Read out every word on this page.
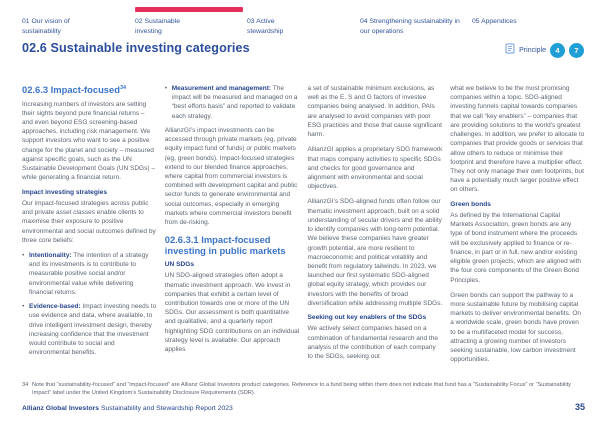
01 Our vision of sustainability
02 Sustainable investing
03 Active stewardship
04 Strengthening sustainability in our operations
05 Appendices
02.6 Sustainable investing categories	Principle	4	7
02.6.3 Impact-focused$^{34}$

Increasing numbers of investors are setting their sights beyond pure financial returns – and even beyond ESG screening-based approaches, including risk management. We support investors who want to see a positive change for the planet and society – measured against specific goals, such as the UN Sustainable Development Goals (UN SDGs) – while generating a financial return.

Impact investing strategies

Our impact-focused strategies across public and private asset classes enable clients to maximise their exposure to positive environmental and social outcomes defined by three core beliefs:

• Intentionality: The intention of a strategy and its investments is to contribute to measurable positive social and/or environmental value while delivering financial returns.
• Evidence-based: Impact investing needs to use evidence and data, where available, to drive intelligent investment design, thereby increasing confidence that the investment would contribute to social and environmental benefits.
• Measurement and management: The impact will be measured and managed on a “best efforts basis” and reported to validate each strategy.

AllianzGI’s impact investments can be accessed through private markets (eg, private equity impact fund of funds) or public markets (eg, green bonds). Impact-focused strategies extend to our blended finance approaches, where capital from commercial investors is combined with development capital and public sector funds to generate environmental and social outcomes, especially in emerging markets where commercial investors benefit from de-risking.

02.6.3.1 Impact-focused investing in public markets
UN SDGs

UN SDG-aligned strategies often adopt a thematic investment approach. We invest in companies that exhibit a certain level of contribution towards one or more of the UN SDGs. Our assessment is both quantitative and qualitative, and a quarterly report highlighting SDG contributions on an individual strategy level is available. Our approach applies

a set of sustainable minimum exclusions, as well as the E, S and G factors of investee companies being analysed. In addition, PAIs are analysed to avoid companies with poor ESG practices and those that cause significant harm.

AllianzGI applies a proprietary SDG framework that maps company activities to specific SDGs and checks for good governance and alignment with environmental and social objectives.

AllianzGI’s SDG-aligned funds often follow our thematic investment approach, built on a solid understanding of secular drivers and the ability to identify companies with long-term potential. We believe these companies have greater growth potential, are more resilient to macroeconomic and political volatility and benefit from regulatory tailwinds. In 2023, we launched our first systematic SDG-aligned global equity strategy, which provides our investors with the benefits of broad diversification while addressing multiple SDGs.

Seeking out key enablers of the SDGs

We actively select companies based on a combination of fundamental research and the analysis of the contribution of each company to the SDGs, seeking out

what we believe to be the most promising companies within a topic. SDG-aligned investing funnels capital towards companies that we call “key enablers” – companies that are providing solutions to the world’s greatest challenges. In addition, we prefer to allocate to companies that provide goods or services that allow others to reduce or minimise their footprint and therefore have a multiplier effect. They not only manage their own footprints, but have a potentially much larger positive effect on others.

Green bonds

As defined by the International Capital Markets Association, green bonds are any type of bond instrument where the proceeds will be exclusively applied to finance or re-finance, in part or in full, new and/or existing eligible green projects, which are aligned with the four core components of the Green Bond Principles.

Green bonds can support the pathway to a more sustainable future by mobilising capital markets to deliver environmental benefits. On a worldwide scale, green bonds have proven to be a multifaceted model for success, attracting a growing number of investors seeking sustainable, low carbon investment opportunities.

34 Note that “sustainability-focused” and “impact-focused” are Allianz Global Investors product categories. Reference to a fund being within them does not indicate that fund has a “Sustainability Focus” or “Sustainability Impact” label under the United Kingdom’s Sustainability Disclosure Requirements (SDR).
Allianz Global Investors Sustainability and Stewardship Report 2023	35
